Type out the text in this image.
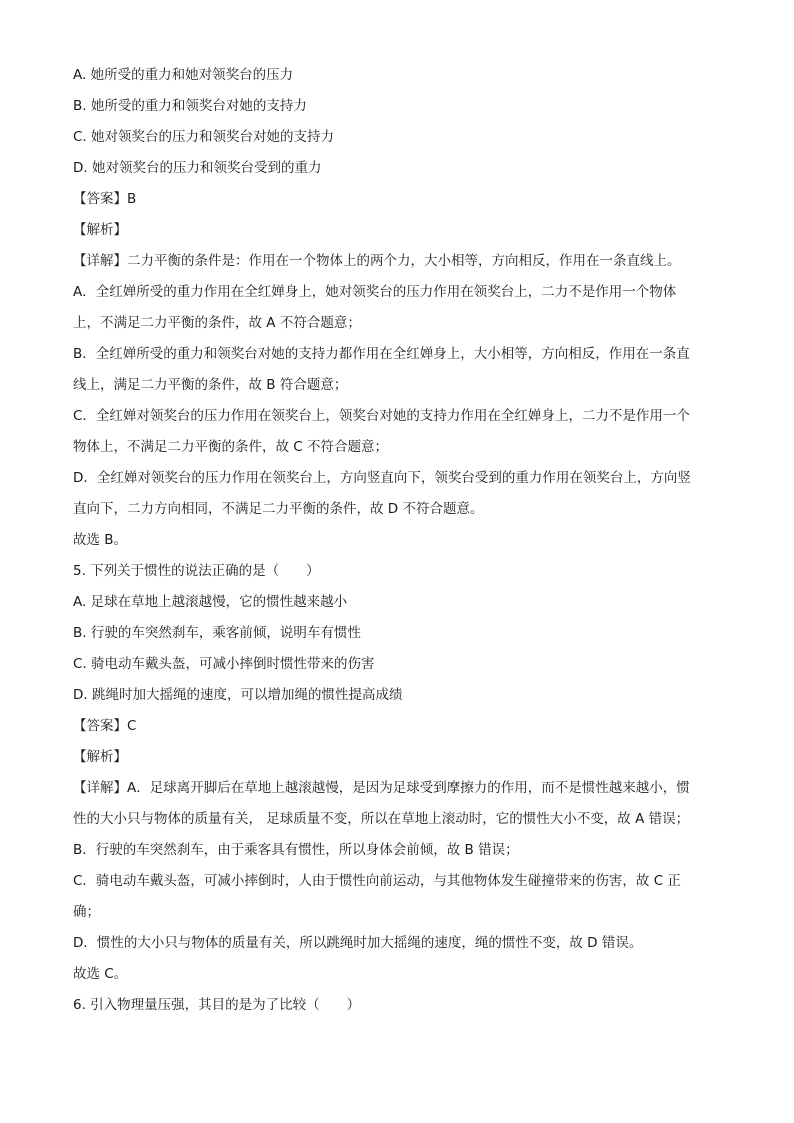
A. 她所受的重力和她对领奖台的压力
B. 她所受的重力和领奖台对她的支持力
C. 她对领奖台的压力和领奖台对她的支持力
D. 她对领奖台的压力和领奖台受到的重力
【答案】B
【解析】
【详解】二力平衡的条件是：作用在一个物体上的两个力，大小相等，方向相反，作用在一条直线上。
A．全红婵所受的重力作用在全红婵身上，她对领奖台的压力作用在领奖台上，二力不是作用一个物体
上，不满足二力平衡的条件，故 A 不符合题意；
B．全红婵所受的重力和领奖台对她的支持力都作用在全红婵身上，大小相等，方向相反，作用在一条直
线上，满足二力平衡的条件，故 B 符合题意；
C．全红婵对领奖台的压力作用在领奖台上，领奖台对她的支持力作用在全红婵身上，二力不是作用一个
物体上，不满足二力平衡的条件，故 C 不符合题意；
D．全红婵对领奖台的压力作用在领奖台上，方向竖直向下，领奖台受到的重力作用在领奖台上，方向竖
直向下，二力方向相同，不满足二力平衡的条件，故 D 不符合题意。
故选 B。
5. 下列关于惯性的说法正确的是（　　）
A. 足球在草地上越滚越慢，它的惯性越来越小
B. 行驶的车突然刹车，乘客前倾，说明车有惯性
C. 骑电动车戴头盔，可减小摔倒时惯性带来的伤害
D. 跳绳时加大摇绳的速度，可以增加绳的惯性提高成绩
【答案】C
【解析】
【详解】A．足球离开脚后在草地上越滚越慢，是因为足球受到摩擦力的作用，而不是惯性越来越小，惯
性的大小只与物体的质量有关， 足球质量不变，所以在草地上滚动时，它的惯性大小不变，故 A 错误；
B．行驶的车突然刹车，由于乘客具有惯性，所以身体会前倾，故 B 错误；
C．骑电动车戴头盔，可减小摔倒时，人由于惯性向前运动，与其他物体发生碰撞带来的伤害，故 C 正
确；
D．惯性的大小只与物体的质量有关，所以跳绳时加大摇绳的速度，绳的惯性不变，故 D 错误。
故选 C。
6. 引入物理量压强，其目的是为了比较（　　）
